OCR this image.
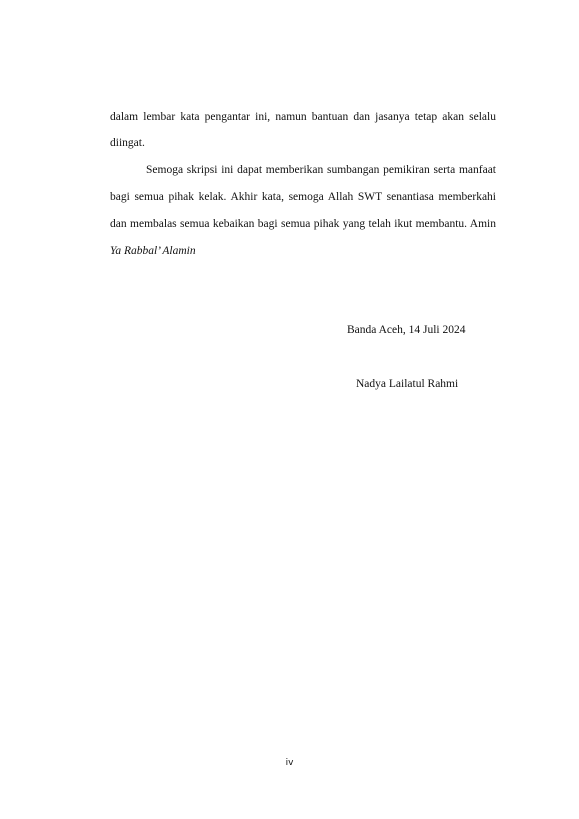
dalam lembar kata pengantar ini, namun bantuan dan jasanya tetap akan selalu
diingat.
Semoga skripsi ini dapat memberikan sumbangan pemikiran serta manfaat
bagi semua pihak kelak. Akhir kata, semoga Allah SWT senantiasa memberkahi
dan membalas semua kebaikan bagi semua pihak yang telah ikut membantu. Amin
Ya Rabbal’ Alamin
Banda Aceh, 14 Juli 2024
Nadya Lailatul Rahmi
iv
